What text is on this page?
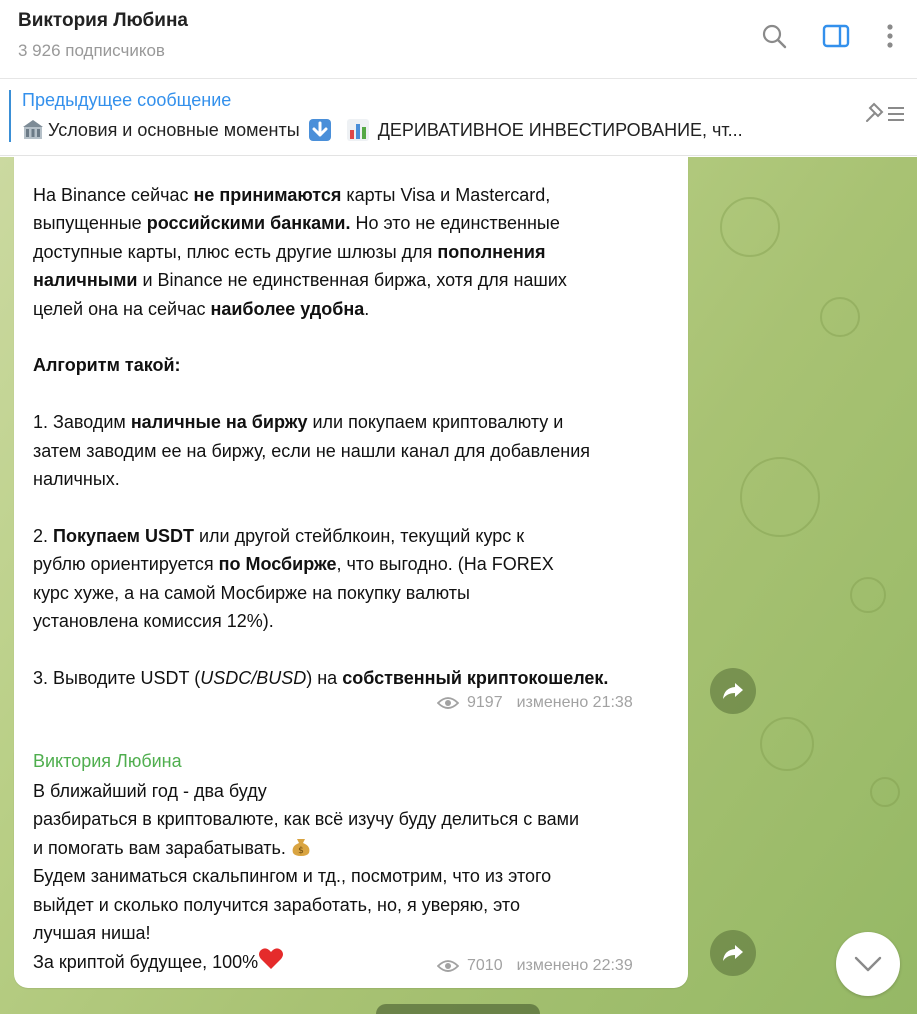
Виктория Любина
3 926 подписчиков
Предыдущее сообщение
Условия и основные моменты	ДЕРИВАТИВНОЕ ИНВЕСТИРОВАНИЕ, чт...
На Binance сейчас не принимаются карты Visa и Mastercard,
выпущенные российскими банками. Но это не единственные
доступные карты, плюс есть другие шлюзы для пополнения
наличными и Binance не единственная биржа, хотя для наших
целей она на сейчас наиболее удобна.

Алгоритм такой:

1. Заводим наличные на биржу или покупаем криптовалюту и
затем заводим ее на биржу, если не нашли канал для добавления
наличных.

2. Покупаем USDT или другой стейблкоин, текущий курс к
рублю ориентируется по Мосбирже, что выгодно. (На FOREX
курс хуже, а на самой Мосбирже на покупку валюты
установлена комиссия 12%).

3. Выводите USDT (USDC/BUSD) на собственный криптокошелек.
9197 изменено 21:38
Виктория Любина
В ближайший год - два буду
разбираться в криптовалюте, как всё изучу буду делиться с вами
и помогать вам зарабатывать. $
Будем заниматься скальпингом и тд., посмотрим, что из этого
выйдет и сколько получится заработать, но, я уверяю, это
лучшая ниша!
За криптой будущее, 100%	7010 изменено 22:39
